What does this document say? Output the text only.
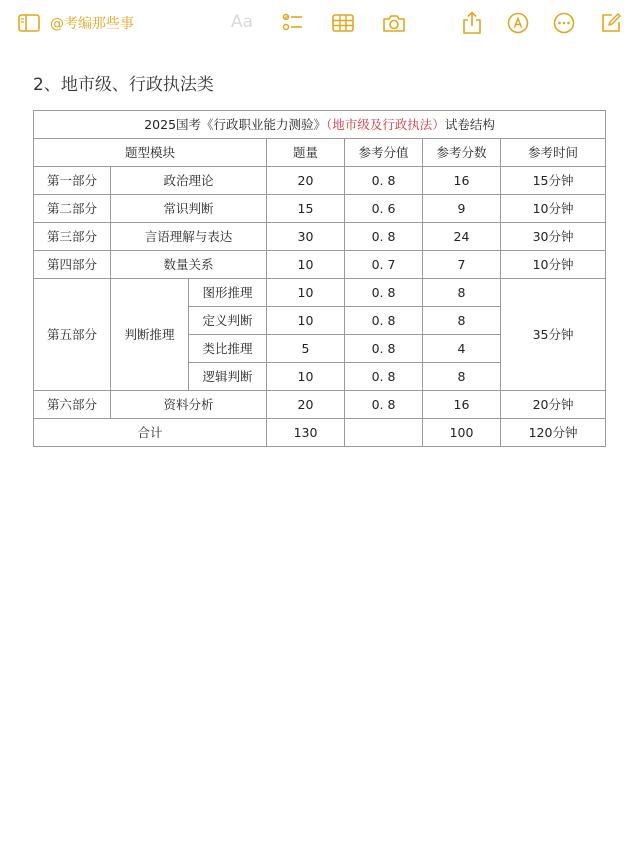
@考编那些事	Aa
2、地市级、行政执法类
2025国考《行政职业能力测验》（地市级及行政执法）试卷结构						
题型模块			题量	参考分值	参考分数	参考时间
第一部分	政治理论		20	0. 8	16	15分钟
第二部分	常识判断		15	0. 6	9	10分钟
第三部分	言语理解与表达		30	0. 8	24	30分钟
第四部分	数量关系		10	0. 7	7	10分钟
第五部分	判断推理	图形推理	10	0. 8	8	35分钟
		定义判断	10	0. 8	8	
		类比推理	5	0. 8	4	
		逻辑判断	10	0. 8	8	
第六部分	资料分析		20	0. 8	16	20分钟
合计			130		100	120分钟
